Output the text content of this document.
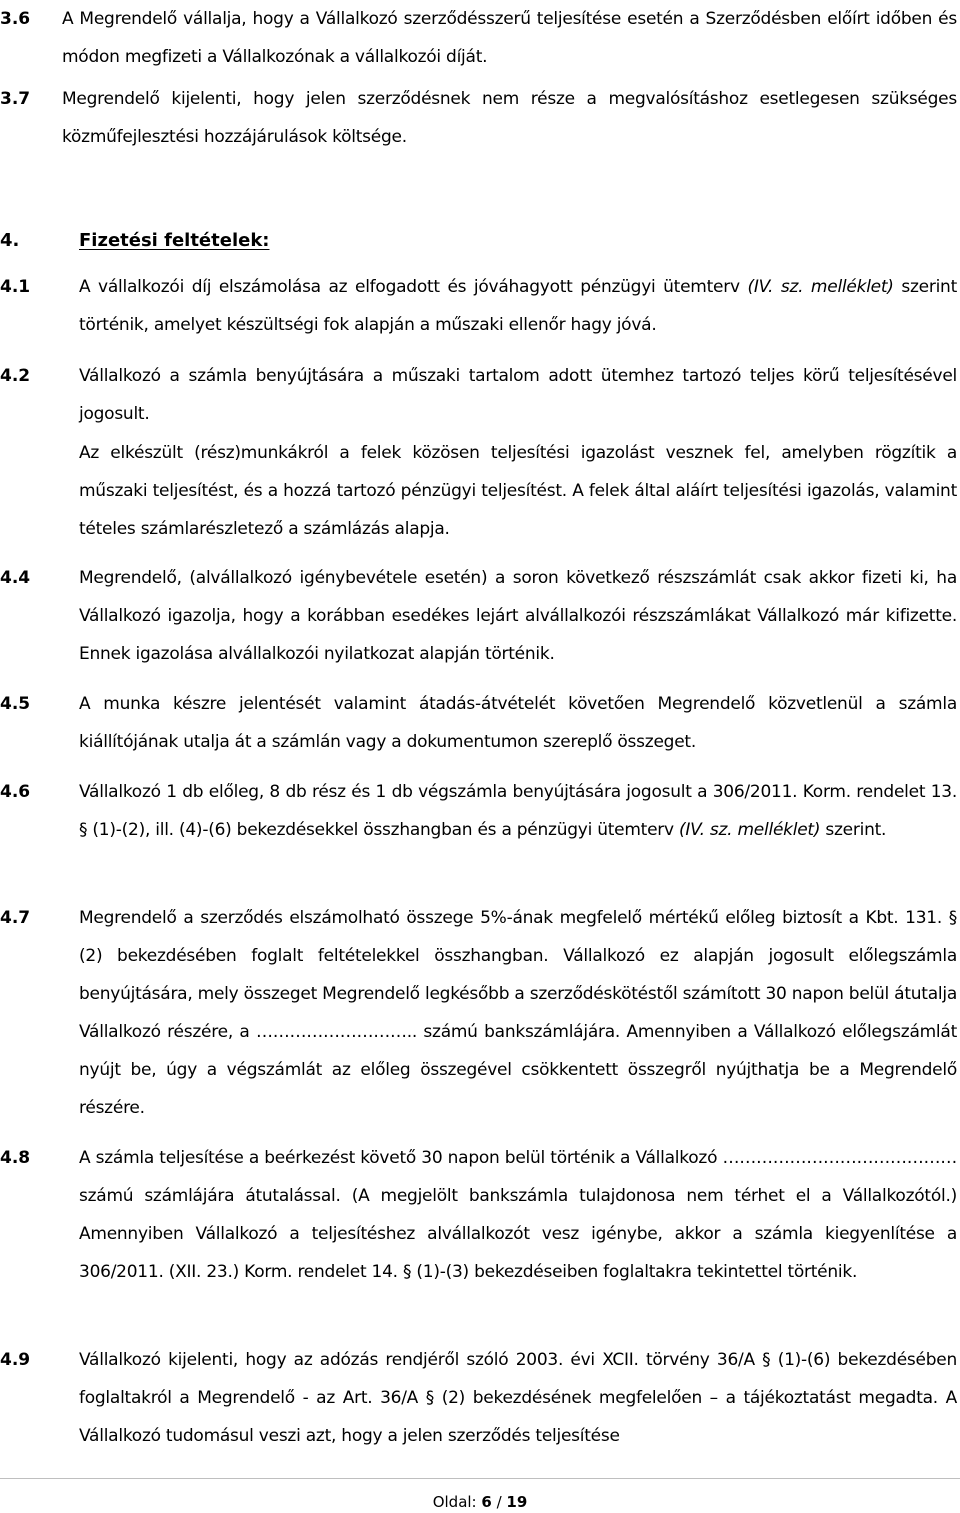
3.6 A Megrendelő vállalja, hogy a Vállalkozó szerződésszerű teljesítése esetén a Szerződésben előírt időben és módon megfizeti a Vállalkozónak a vállalkozói díját.
3.7 Megrendelő kijelenti, hogy jelen szerződésnek nem része a megvalósításhoz esetlegesen szükséges közműfejlesztési hozzájárulások költsége.
4.	Fizetési feltételek:
4.1	A vállalkozói díj elszámolása az elfogadott és jóváhagyott pénzügyi ütemterv (IV. sz. melléklet) szerint történik, amelyet készültségi fok alapján a műszaki ellenőr hagy jóvá.
4.2	Vállalkozó a számla benyújtására a műszaki tartalom adott ütemhez tartozó teljes körű teljesítésével jogosult.
Az elkészült (rész)munkákról a felek közösen teljesítési igazolást vesznek fel, amelyben rögzítik a műszaki teljesítést, és a hozzá tartozó pénzügyi teljesítést. A felek által aláírt teljesítési igazolás, valamint tételes számlarészletező a számlázás alapja.
4.4	Megrendelő, (alvállalkozó igénybevétele esetén) a soron következő részszámlát csak akkor fizeti ki, ha Vállalkozó igazolja, hogy a korábban esedékes lejárt alvállalkozói részszámlákat Vállalkozó már kifizette. Ennek igazolása alvállalkozói nyilatkozat alapján történik.
4.5	A munka készre jelentését valamint átadás-átvételét követően Megrendelő közvetlenül a számla kiállítójának utalja át a számlán vagy a dokumentumon szereplő összeget.
4.6	Vállalkozó 1 db előleg, 8 db rész és 1 db végszámla benyújtására jogosult a 306/2011. Korm. rendelet 13. § (1)-(2), ill. (4)-(6) bekezdésekkel összhangban és a pénzügyi ütemterv (IV. sz. melléklet) szerint.
4.7	Megrendelő a szerződés elszámolható összege 5%-ának megfelelő mértékű előleg biztosít a Kbt. 131. § (2) bekezdésében foglalt feltételekkel összhangban. Vállalkozó ez alapján jogosult előlegszámla benyújtására, mely összeget Megrendelő legkésőbb a szerződéskötéstől számított 30 napon belül átutalja Vállalkozó részére, a ……………………….. számú bankszámlájára. Amennyiben a Vállalkozó előlegszámlát nyújt be, úgy a végszámlát az előleg összegével csökkentett összegről nyújthatja be a Megrendelő részére.
4.8	A számla teljesítése a beérkezést követő 30 napon belül történik a Vállalkozó …………………………………… számú számlájára átutalással. (A megjelölt bankszámla tulajdonosa nem térhet el a Vállalkozótól.) Amennyiben Vállalkozó a teljesítéshez alvállalkozót vesz igénybe, akkor a számla kiegyenlítése a 306/2011. (XII. 23.) Korm. rendelet 14. § (1)-(3) bekezdéseiben foglaltakra tekintettel történik.
4.9	Vállalkozó kijelenti, hogy az adózás rendjéről szóló 2003. évi XCII. törvény 36/A § (1)-(6) bekezdésében foglaltakról a Megrendelő - az Art. 36/A § (2) bekezdésének megfelelően – a tájékoztatást megadta. A Vállalkozó tudomásul veszi azt, hogy a jelen szerződés teljesítése
Oldal: 6 / 19
